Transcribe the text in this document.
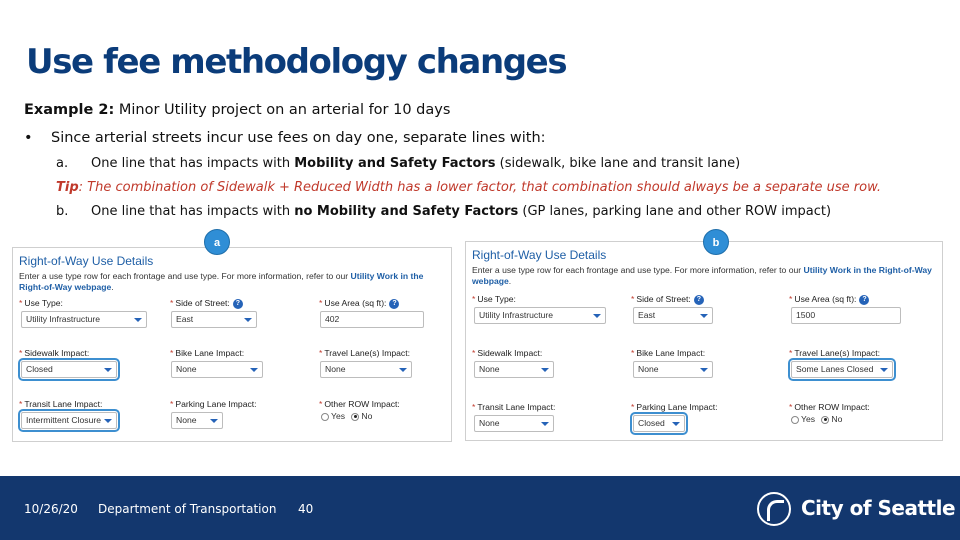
Use fee methodology changes
Example 2: Minor Utility project on an arterial for 10 days
• Since arterial streets incur use fees on day one, separate lines with:
a. One line that has impacts with Mobility and Safety Factors (sidewalk, bike lane and transit lane)
Tip: The combination of Sidewalk + Reduced Width has a lower factor, that combination should always be a separate use row.
b. One line that has impacts with no Mobility and Safety Factors (GP lanes, parking lane and other ROW impact)
Right-of-Way Use Details
Enter a use type row for each frontage and use type. For more information, refer to our Utility Work in the Right-of-Way webpage.
* Use Type:
Utility Infrastructure
* Side of Street: ?
East
* Use Area (sq ft): ?
402
* Sidewalk Impact:
Closed
* Bike Lane Impact:
None
* Travel Lane(s) Impact:
None
* Transit Lane Impact:
Intermittent Closure
* Parking Lane Impact:
None
* Other ROW Impact:
Yes No
Right-of-Way Use Details
Enter a use type row for each frontage and use type. For more information, refer to our Utility Work in the Right-of-Way webpage.
* Use Type:
Utility Infrastructure
* Side of Street: ?
East
* Use Area (sq ft): ?
1500
* Sidewalk Impact:
None
* Bike Lane Impact:
None
* Travel Lane(s) Impact:
Some Lanes Closed
* Transit Lane Impact:
None
* Parking Lane Impact:
Closed
* Other ROW Impact:
Yes No
a	b
10/26/20 Department of Transportation 40	City of Seattle
